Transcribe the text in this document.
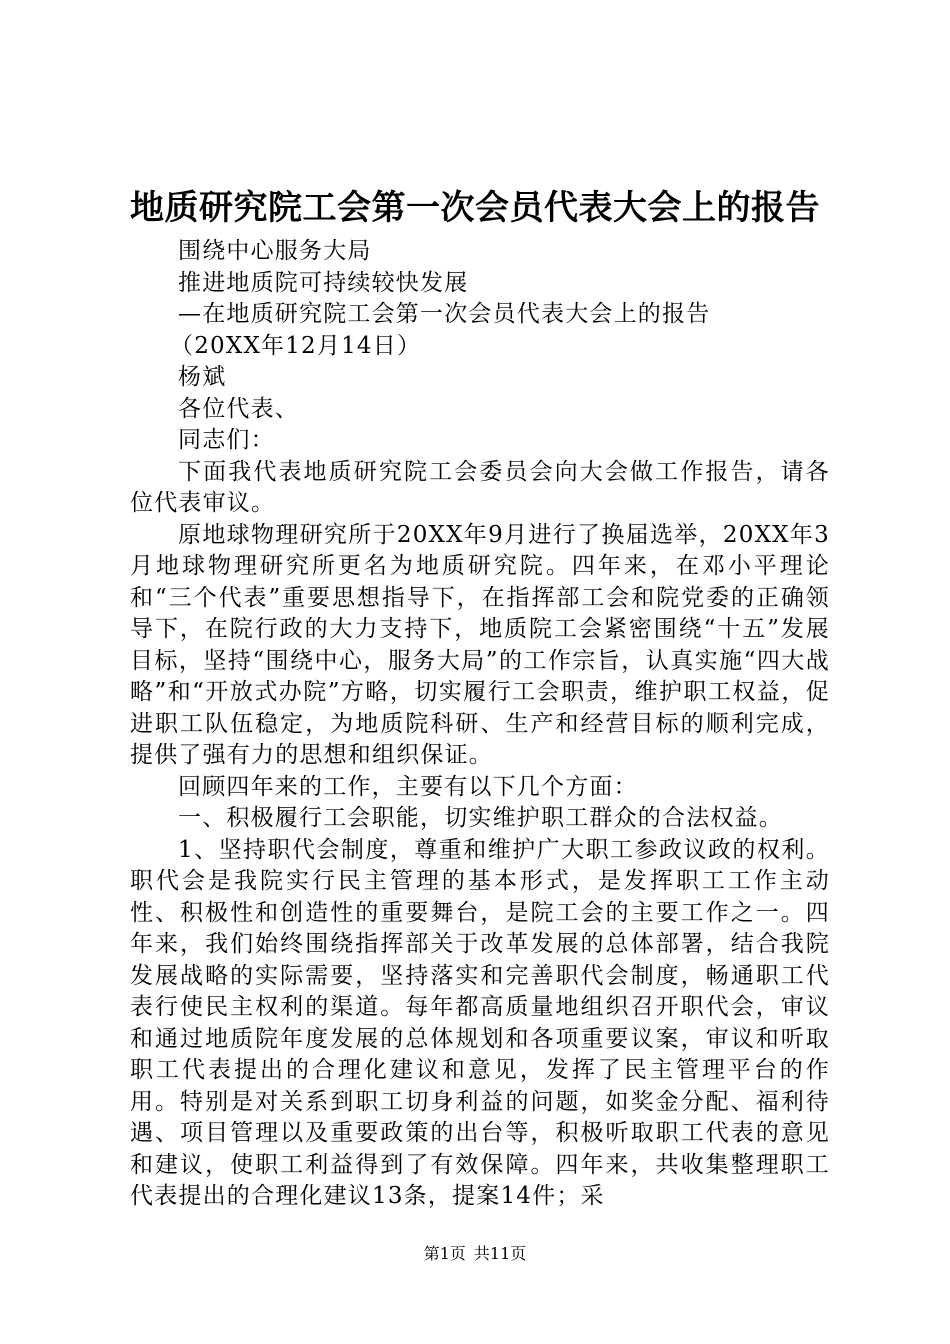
地质研究院工会第一次会员代表大会上的报告

围绕中心服务大局

推进地质院可持续较快发展

—在地质研究院工会第一次会员代表大会上的报告

（20XX年12月14日）

杨斌

各位代表、

同志们：

下面我代表地质研究院工会委员会向大会做工作报告，请各位代表审议。

原地球物理研究所于20XX年9月进行了换届选举，20XX年3月地球物理研究所更名为地质研究院。四年来，在邓小平理论和“三个代表”重要思想指导下，在指挥部工会和院党委的正确领导下，在院行政的大力支持下，地质院工会紧密围绕“十五”发展目标，坚持“围绕中心，服务大局”的工作宗旨，认真实施“四大战略”和“开放式办院”方略，切实履行工会职责，维护职工权益，促进职工队伍稳定，为地质院科研、生产和经营目标的顺利完成，提供了强有力的思想和组织保证。

回顾四年来的工作，主要有以下几个方面：

一、积极履行工会职能，切实维护职工群众的合法权益。

1、坚持职代会制度，尊重和维护广大职工参政议政的权利。职代会是我院实行民主管理的基本形式，是发挥职工工作主动性、积极性和创造性的重要舞台，是院工会的主要工作之一。四年来，我们始终围绕指挥部关于改革发展的总体部署，结合我院发展战略的实际需要，坚持落实和完善职代会制度，畅通职工代表行使民主权利的渠道。每年都高质量地组织召开职代会，审议和通过地质院年度发展的总体规划和各项重要议案，审议和听取职工代表提出的合理化建议和意见，发挥了民主管理平台的作用。特别是对关系到职工切身利益的问题，如奖金分配、福利待遇、项目管理以及重要政策的出台等，积极听取职工代表的意见和建议，使职工利益得到了有效保障。四年来，共收集整理职工代表提出的合理化建议13条，提案14件；采

第1页 共11页
